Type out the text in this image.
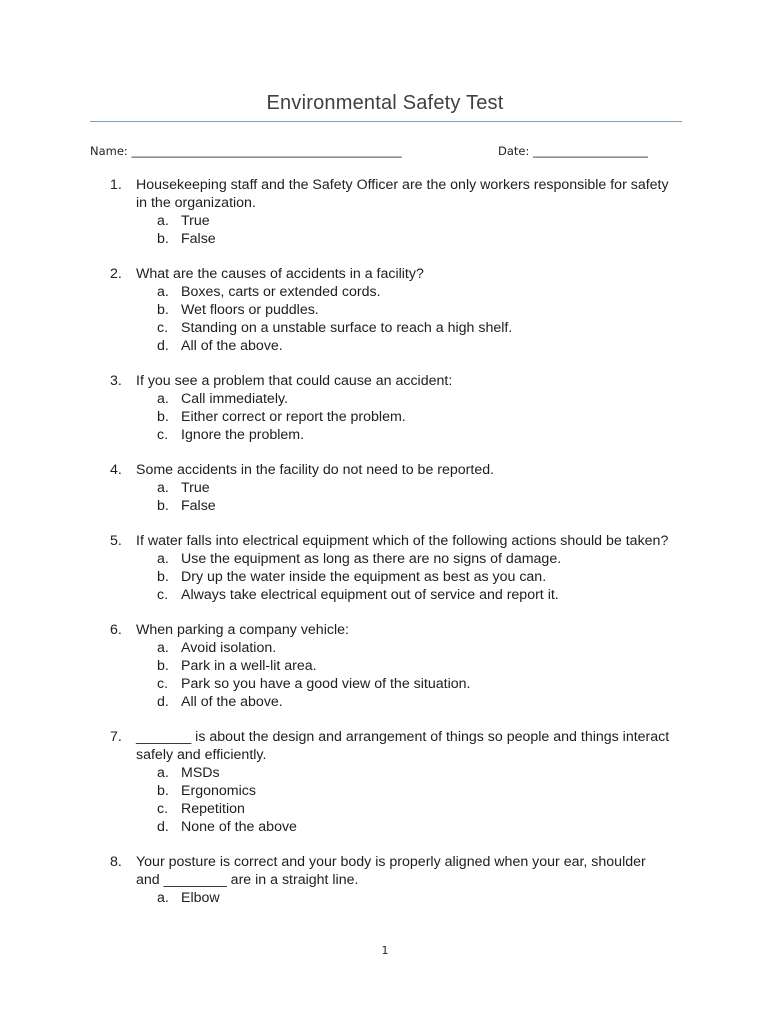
Environmental Safety Test
Name: _______________________________________________	Date: ____________________
1. Housekeeping staff and the Safety Officer are the only workers responsible for safety in the organization.
a. True
b. False
2. What are the causes of accidents in a facility?
a. Boxes, carts or extended cords.
b. Wet floors or puddles.
c. Standing on a unstable surface to reach a high shelf.
d. All of the above.
3. If you see a problem that could cause an accident:
a. Call immediately.
b. Either correct or report the problem.
c. Ignore the problem.
4. Some accidents in the facility do not need to be reported.
a. True
b. False
5. If water falls into electrical equipment which of the following actions should be taken?
a. Use the equipment as long as there are no signs of damage.
b. Dry up the water inside the equipment as best as you can.
c. Always take electrical equipment out of service and report it.
6. When parking a company vehicle:
a. Avoid isolation.
b. Park in a well-lit area.
c. Park so you have a good view of the situation.
d. All of the above.
7. _______ is about the design and arrangement of things so people and things interact safely and efficiently.
a. MSDs
b. Ergonomics
c. Repetition
d. None of the above
8. Your posture is correct and your body is properly aligned when your ear, shoulder and ________ are in a straight line.
a. Elbow
1
